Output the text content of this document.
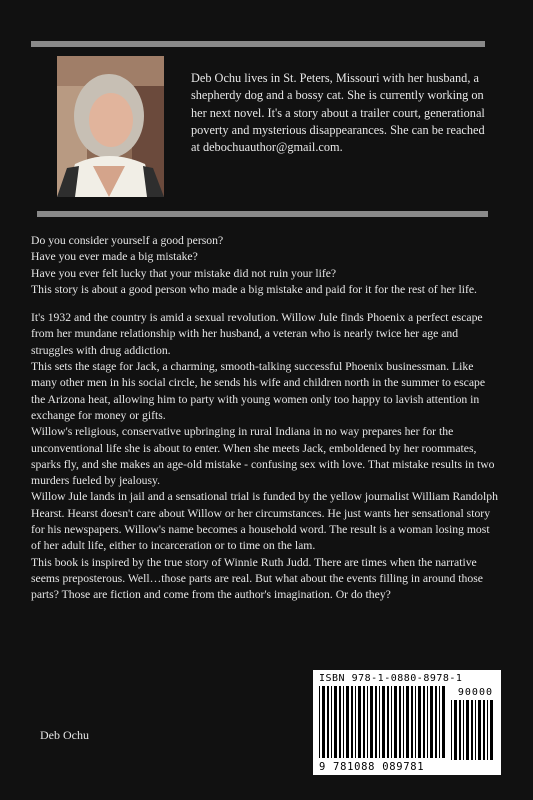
Deb Ochu lives in St. Peters, Missouri with her husband, a shepherdy dog and a bossy cat. She is currently working on her next novel. It's a story about a trailer court, generational poverty and mysterious disappearances. She can be reached at debochuauthor@gmail.com.

Do you consider yourself a good person?

Have you ever made a big mistake?

Have you ever felt lucky that your mistake did not ruin your life?

This story is about a good person who made a big mistake and paid for it for the rest of her life.

It's 1932 and the country is amid a sexual revolution. Willow Jule finds Phoenix a perfect escape from her mundane relationship with her husband, a veteran who is nearly twice her age and struggles with drug addiction.

This sets the stage for Jack, a charming, smooth-talking successful Phoenix businessman. Like many other men in his social circle, he sends his wife and children north in the summer to escape the Arizona heat, allowing him to party with young women only too happy to lavish attention in exchange for money or gifts.

Willow's religious, conservative upbringing in rural Indiana in no way prepares her for the unconventional life she is about to enter. When she meets Jack, emboldened by her roommates, sparks fly, and she makes an age-old mistake - confusing sex with love. That mistake results in two murders fueled by jealousy.

Willow Jule lands in jail and a sensational trial is funded by the yellow journalist William Randolph Hearst. Hearst doesn't care about Willow or her circumstances. He just wants her sensational story for his newspapers. Willow's name becomes a household word. The result is a woman losing most of her adult life, either to incarceration or to time on the lam.

This book is inspired by the true story of Winnie Ruth Judd. There are times when the narrative seems preposterous. Well…those parts are real. But what about the events filling in around those parts? Those are fiction and come from the author's imagination. Or do they?

Deb Ochu
ISBN 978-1-0880-8978-1
90000
9 781088 089781
